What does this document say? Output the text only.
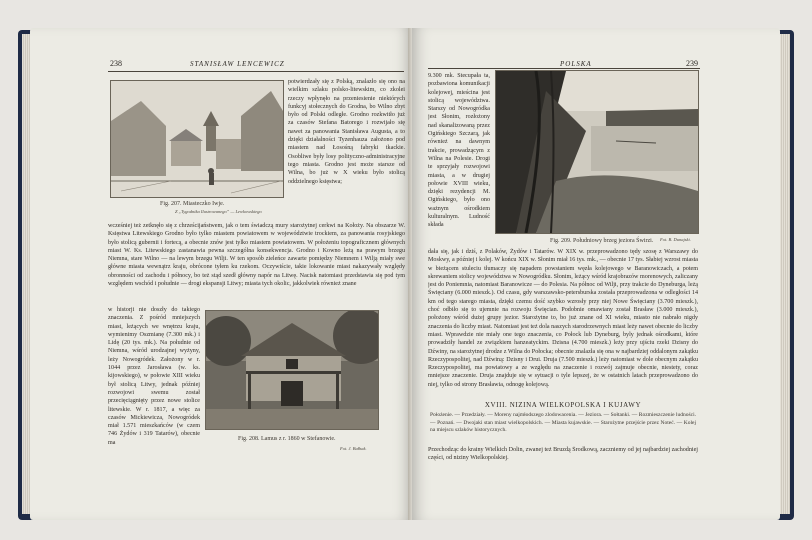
238	STANISŁAW LENCEWICZ
Fig. 207. Miasteczko Iwje.
Z „Tygodnika Ilustrowanego” — Lewkowskiego
potwierdzały się z Polską, znalazło się ono na wielkim szlaku polsko-litewskim, co zkolei rzeczy wpłynęło na przeniesienie niektórych funkcyj stołecznych do Grodna, bo Wilno zbyt było od Polski odległe. Grodno rozkwitło już za czasów Stefana Batorego i rozwijało się nawet za panowania Stanisława Augusta, a to dzięki działalności Tyzenhauza założono pod miastem nad Łosośną fabryki tkackie. Osobliwe były losy polityczno-administracyjne tego miasta. Grodno jest może starsze od Wilna, bo już w X wieku było stolicą oddzielnego księstwa;
wcześniej też zetknęło się z chrześcijaństwem, jak o tem świadczą mury starożytnej cerkwi na Kołoży. Na obszarze W. Księstwa Litewskiego Grodno było tylko miastem powiatowem w województwie trockiem, za panowania rosyjskiego było stolicą gubernii i fortecą, a obecnie znów jest tylko miastem powiatowem. W położeniu topograficznem głównych miast W. Ks. Litewskiego zastanawia pewna szczególna konsekwencja. Grodno i Kowno leżą na prawym brzegu Niemna, stare Wilno — na lewym brzegu Wilji. W ten sposób zieleńce zawarte pomiędzy Niemnem i Wilją miały swe główne miasta wewnątrz kraju, obrócone tyłem ku rzekom. Oczywiście, takie lokowanie miast nakazywały względy obronności od zachodu i północy, bo też stąd szedł główny napór na Litwę. Nacisk natomiast przedstawia się pod tym względem wschód i południe — drogi ekspansji Litwy; miasta tych okolic, jakkolwiek również znane
w historji nie doszły do takiego znaczenia. Z pośród mniejszych miast, leżących we wnętrzu kraju, wymienimy Oszmianę (7.300 mk.) i Lidę (20 tys. mk.). Na południe od Niemna, wśród urodzajnej wyżyny, leży Nowogródek. Założony w r. 1044 przez Jarosława (w. ks. kijowskiego), w połowie XIII wieku był stolicą Litwy, jednak później rozwojowi swemu został przecięciągnięty przez nowe stolice litewskie. W r. 1817, a więc za czasów Mickiewicza, Nowogródek miał 1.571 mieszkańców (w czem 746 Żydów i 319 Tatarów), obecnie ma
Fig. 208. Lamus z r. 1860 w Stefanowie.
Fot. J. Bułhak.
POLSKA	239
9.300 mk. Stecupała ta, pozbawiona komunikacji kolejowej, mieścina jest stolicą województwa. Starszy od Nowogródka jest Słonim, rozłożony nad skanalizowaną przez Ogińskiego Szczarą, jak również na dawnym trakcie, prowadzącym z Wilna na Polesie. Drogi te sprzyjały rozwojowi miasta, a w drugiej połowie XVIII wieku, dzięki rezydencji M. Ogińskiego, było ono ważnym ośrodkiem kulturalnym. Ludność składa
Fig. 209. Południowy brzeg jeziora Świrzi. Fot. B. Dunajski.
dała się, jak i dziś, z Polaków, Żydów i Tatarów. W XIX w. przeprowadzono tędy szosę z Warszawy do Moskwy, a później i kolej. W końcu XIX w. Słonim miał 16 tys. mk., — obecnie 17 tys. Słabiej wzrost miasta w bieżącem stuleciu tłumaczy się napadem powstaniem węzła kolejowego w Baranowiczach, a potem skrewaniem stolicy województwa w Nowogródku. Słonim, leżący wśród krajobrazów morenowych, zaliczany jest do Poniemnia, natomiast Baranowicze — do Polesia. Na północ od Wilji, przy trakcie do Dyneburga, leżą Święciany (6.000 mieszk.). Od czasu, gdy warszawsko-petersburska została przeprowadzona w odległości 14 km od tego starego miasta, dzięki czemu dość szybko wzrosły przy niej Nowe Święciany (3.700 mieszk.), choć odbiło się to ujemnie na rozwoju Święcian. Podobnie omawiany został Brasław (3.000 mieszk.), położony wśród dużej grupy jezior. Starożytne to, bo już znane od XI wieku, miasto nie nabrało nigdy znaczenia do liczby miast. Natomiast jest też dola naszych starodrzewnych miast leży nawet obecnie do liczby miast. Wprawdzie nie miały one tego znaczenia, co Połock lub Dyneburg, byly jednak ośrodkami, które prowadziły handel ze związkiem hanzeatyckim. Dzisna (4.700 mieszk.) leży przy ujściu rzeki Dzisny do Dźwiny, na starożytnej drodze z Wilna do Połocka; obecnie znalazła się ona w najbardziej oddalonym zakątku Rzeczypospolitej, nad Dźwiną: Dzisny i Drui. Druja (7.500 mieszk.) leży natomiast w dole obecnym zakątku Rzeczypospolitej, ma powiatowy a ze względu na znaczenie i rozwój zajmuje obecnie, niestety, coraz mniejsze znaczenie. Druja znajduje się w sytuacji o tyle lepszej, że w ostatnich latach przeprowadzono do niej, tylko od strony Brasławia, odnogę kolejową.
XVIII. NIZINA WIELKOPOLSKA I KUJAWY
Położenie. — Przedziały. — Moreny najmłodszego zlodowacenia. — Jeziora. — Sołtanki. — Rozmieszczenie ludności. — Poznań. — Dwojaki stan miast wielkopolskich. — Miasta kujawskie. — Starożytne przejście przez Noteć. — Kolej na miejscu szlaków historycznych.
Przechodząc do krainy Wielkich Dolin, zwanej też Bruzdą Środkową, zaczniemy od jej najbardziej zachodniej części, od niziny Wielkopolskiej.
